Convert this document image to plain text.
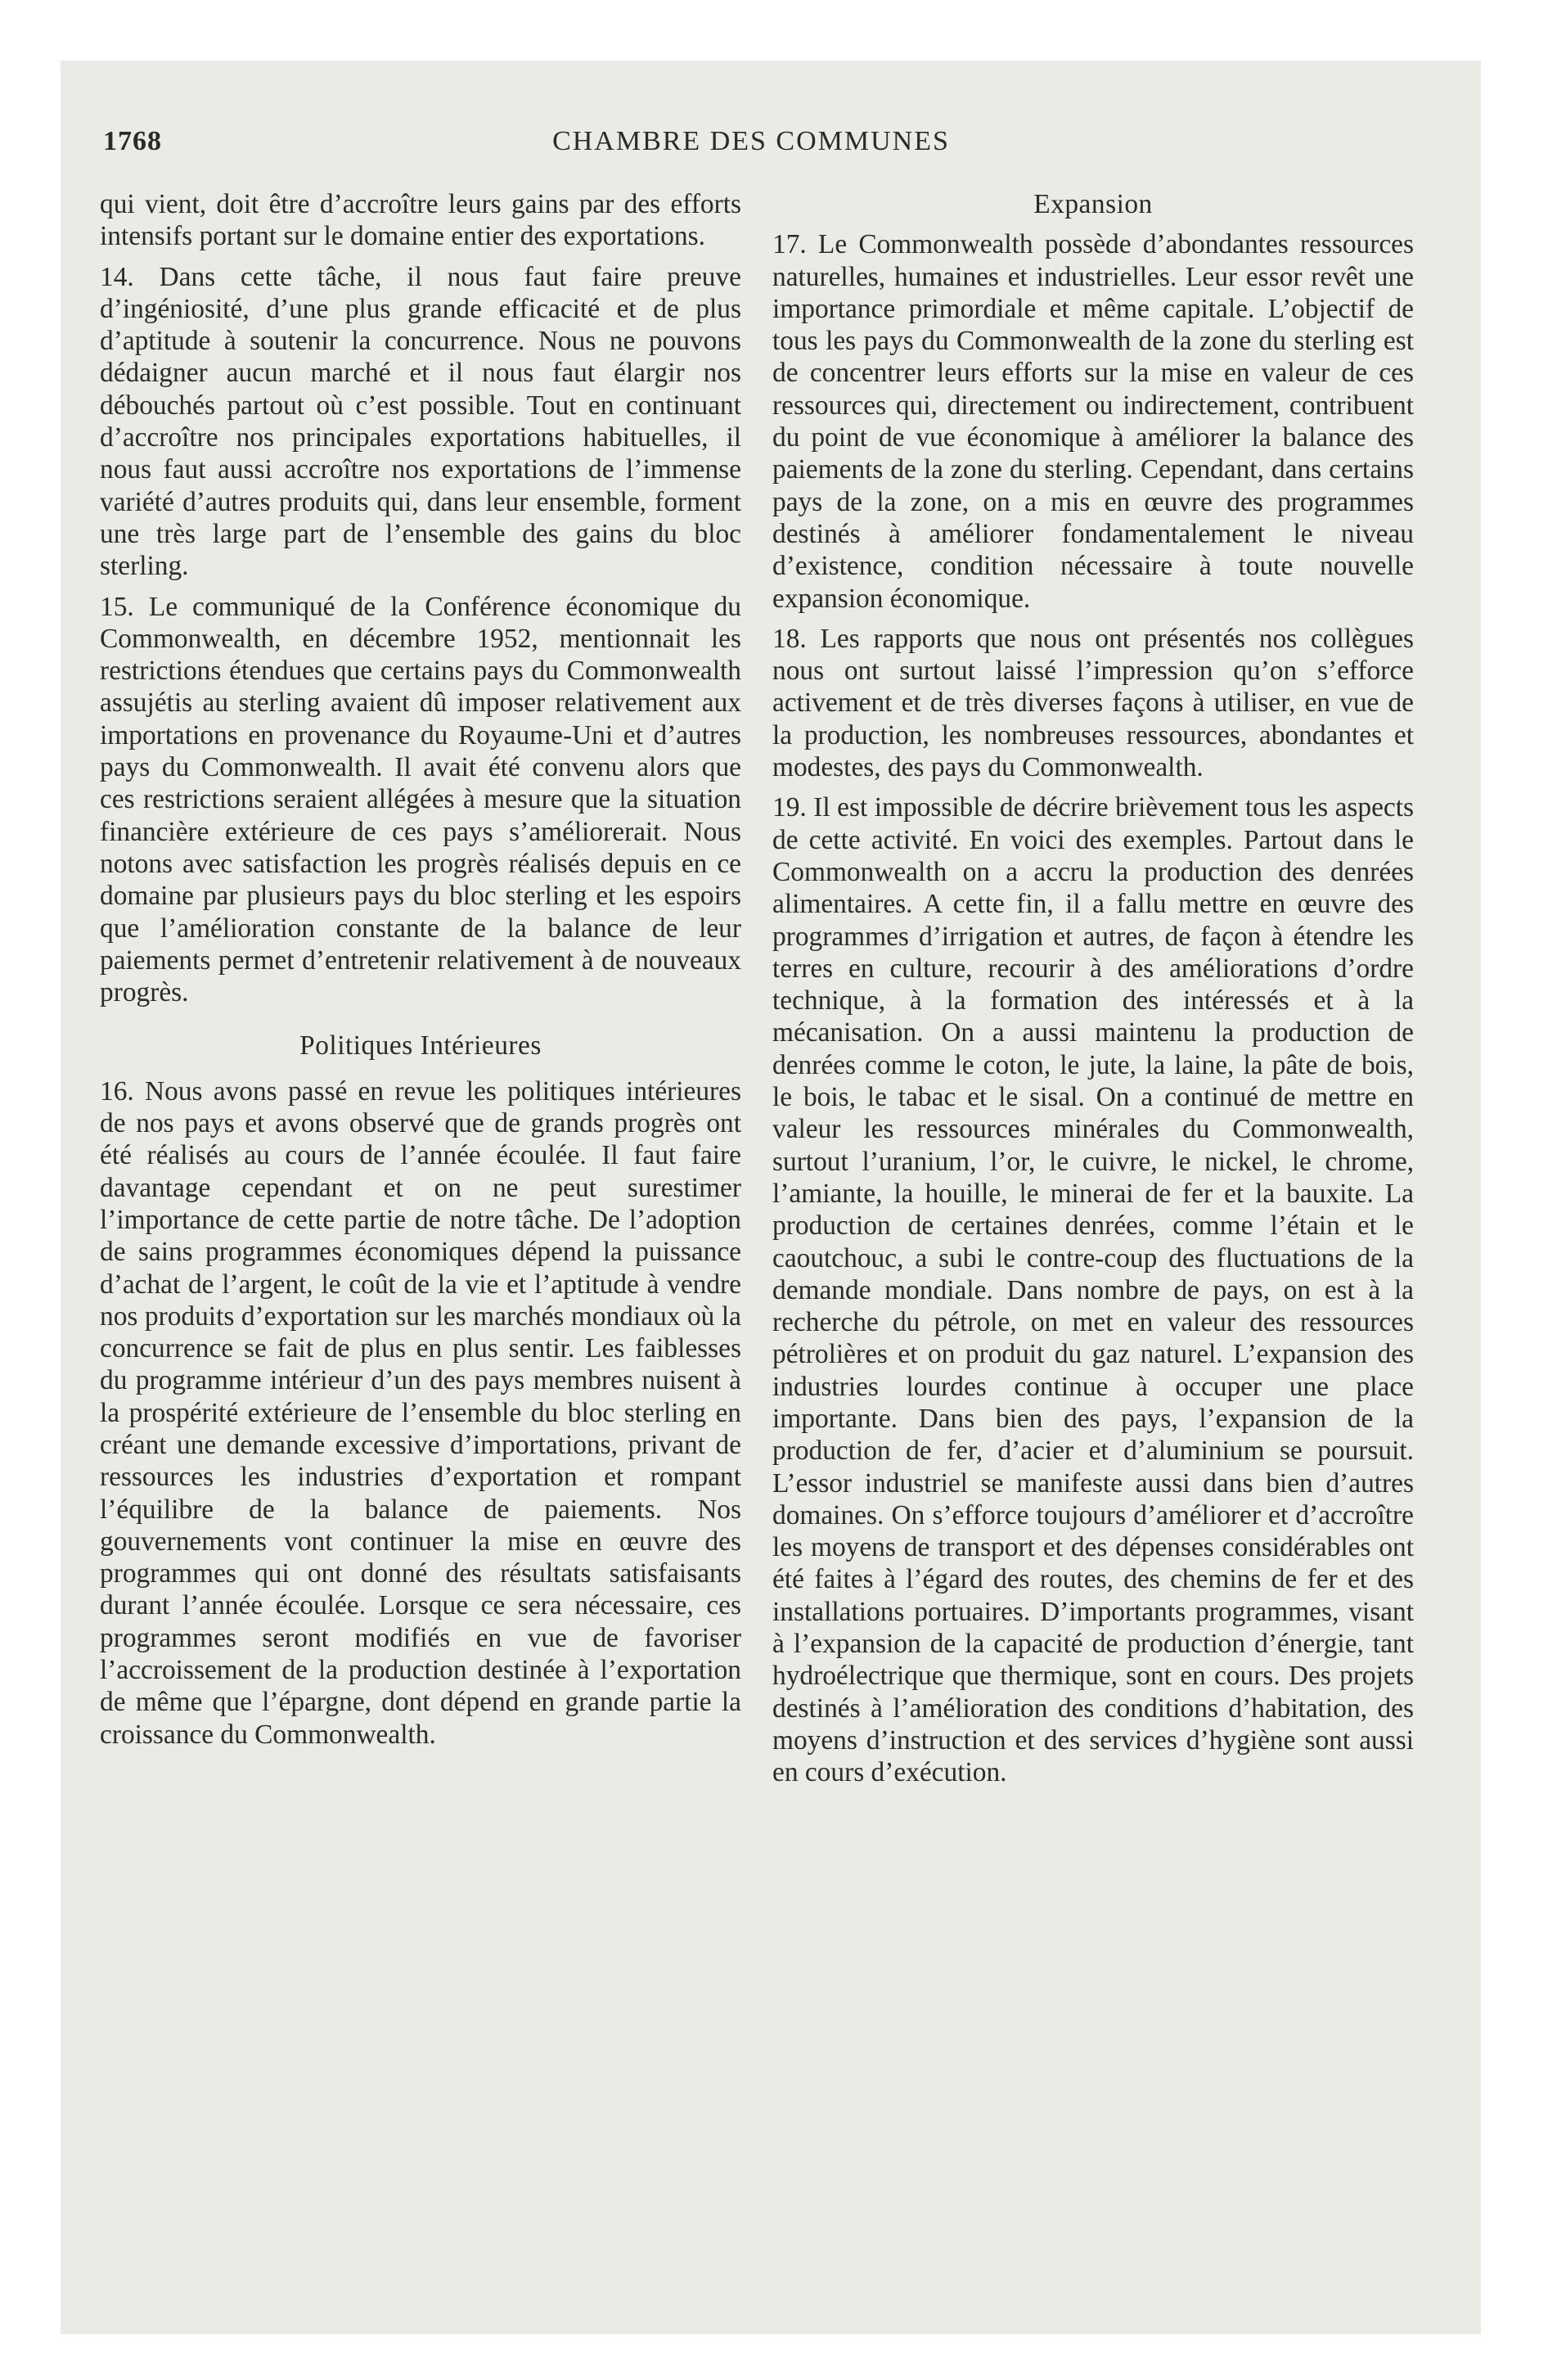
1768	CHAMBRE DES COMMUNES

qui vient, doit être d’accroître leurs gains par des efforts intensifs portant sur le domaine entier des exportations.

14. Dans cette tâche, il nous faut faire preuve d’ingéniosité, d’une plus grande efficacité et de plus d’aptitude à soutenir la concurrence. Nous ne pouvons dédaigner aucun marché et il nous faut élargir nos débouchés partout où c’est possible. Tout en continuant d’accroître nos principales exportations habituelles, il nous faut aussi accroître nos exportations de l’immense variété d’autres produits qui, dans leur ensemble, forment une très large part de l’ensemble des gains du bloc sterling.

15. Le communiqué de la Conférence économique du Commonwealth, en décembre 1952, mentionnait les restrictions étendues que certains pays du Commonwealth assujétis au sterling avaient dû imposer relativement aux importations en provenance du Royaume-Uni et d’autres pays du Commonwealth. Il avait été convenu alors que ces restrictions seraient allégées à mesure que la situation financière extérieure de ces pays s’améliorerait. Nous notons avec satisfaction les progrès réalisés depuis en ce domaine par plusieurs pays du bloc sterling et les espoirs que l’amélioration constante de la balance de leur paiements permet d’entretenir relativement à de nouveaux progrès.

Politiques Intérieures

16. Nous avons passé en revue les politiques intérieures de nos pays et avons observé que de grands progrès ont été réalisés au cours de l’année écoulée. Il faut faire davantage cependant et on ne peut surestimer l’importance de cette partie de notre tâche. De l’adoption de sains programmes économiques dépend la puissance d’achat de l’argent, le coût de la vie et l’aptitude à vendre nos produits d’exportation sur les marchés mondiaux où la concurrence se fait de plus en plus sentir. Les faiblesses du programme intérieur d’un des pays membres nuisent à la prospérité extérieure de l’ensemble du bloc sterling en créant une demande excessive d’importations, privant de ressources les industries d’exportation et rompant l’équilibre de la balance de paiements. Nos gouvernements vont continuer la mise en œuvre des programmes qui ont donné des résultats satisfaisants durant l’année écoulée. Lorsque ce sera nécessaire, ces programmes seront modifiés en vue de favoriser l’accroissement de la production destinée à l’exportation de même que l’épargne, dont dépend en grande partie la croissance du Commonwealth.

Expansion

17. Le Commonwealth possède d’abondantes ressources naturelles, humaines et industrielles. Leur essor revêt une importance primordiale et même capitale. L’objectif de tous les pays du Commonwealth de la zone du sterling est de concentrer leurs efforts sur la mise en valeur de ces ressources qui, directement ou indirectement, contribuent du point de vue économique à améliorer la balance des paiements de la zone du sterling. Cependant, dans certains pays de la zone, on a mis en œuvre des programmes destinés à améliorer fondamentalement le niveau d’existence, condition nécessaire à toute nouvelle expansion économique.

18. Les rapports que nous ont présentés nos collègues nous ont surtout laissé l’impression qu’on s’efforce activement et de très diverses façons à utiliser, en vue de la production, les nombreuses ressources, abondantes et modestes, des pays du Commonwealth.

19. Il est impossible de décrire brièvement tous les aspects de cette activité. En voici des exemples. Partout dans le Commonwealth on a accru la production des denrées alimentaires. A cette fin, il a fallu mettre en œuvre des programmes d’irrigation et autres, de façon à étendre les terres en culture, recourir à des améliorations d’ordre technique, à la formation des intéressés et à la mécanisation. On a aussi maintenu la production de denrées comme le coton, le jute, la laine, la pâte de bois, le bois, le tabac et le sisal. On a continué de mettre en valeur les ressources minérales du Commonwealth, surtout l’uranium, l’or, le cuivre, le nickel, le chrome, l’amiante, la houille, le minerai de fer et la bauxite. La production de certaines denrées, comme l’étain et le caoutchouc, a subi le contre-coup des fluctuations de la demande mondiale. Dans nombre de pays, on est à la recherche du pétrole, on met en valeur des ressources pétrolières et on produit du gaz naturel. L’expansion des industries lourdes continue à occuper une place importante. Dans bien des pays, l’expansion de la production de fer, d’acier et d’aluminium se poursuit. L’essor industriel se manifeste aussi dans bien d’autres domaines. On s’efforce toujours d’améliorer et d’accroître les moyens de transport et des dépenses considérables ont été faites à l’égard des routes, des chemins de fer et des installations portuaires. D’importants programmes, visant à l’expansion de la capacité de production d’énergie, tant hydroélectrique que thermique, sont en cours. Des projets destinés à l’amélioration des conditions d’habitation, des moyens d’instruction et des services d’hygiène sont aussi en cours d’exécution.
